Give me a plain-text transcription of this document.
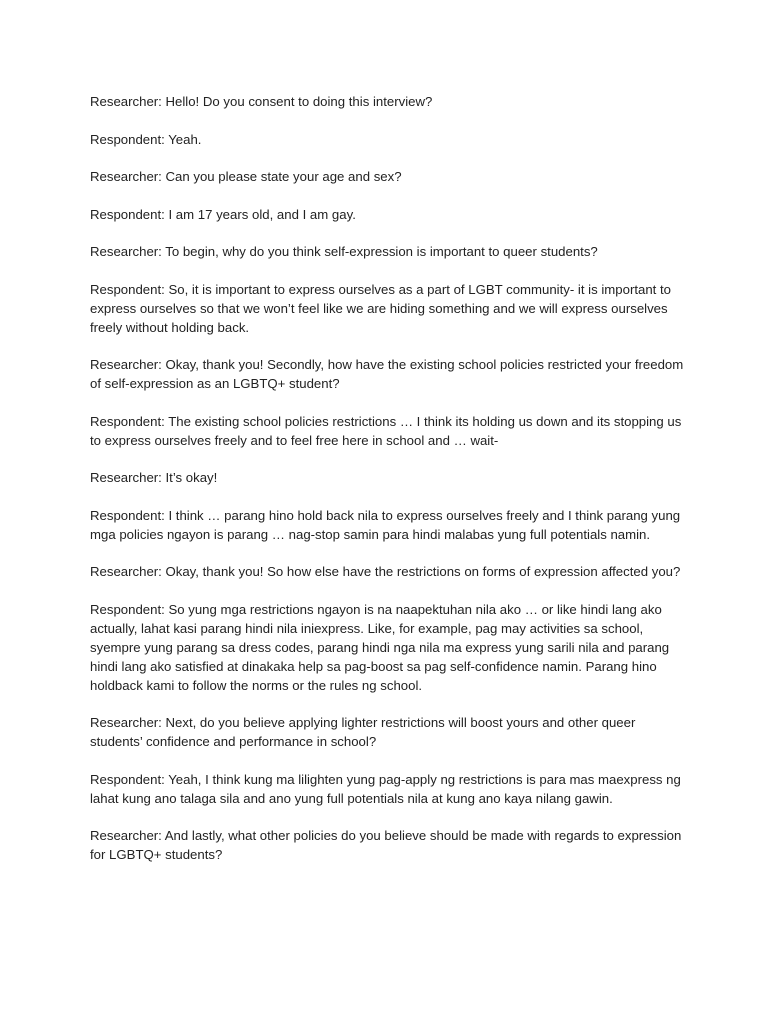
Researcher: Hello! Do you consent to doing this interview?

Respondent: Yeah.

Researcher: Can you please state your age and sex?

Respondent: I am 17 years old, and I am gay.

Researcher: To begin, why do you think self-expression is important to queer students?

Respondent: So, it is important to express ourselves as a part of LGBT community- it is important to express ourselves so that we won’t feel like we are hiding something and we will express ourselves freely without holding back.

Researcher: Okay, thank you! Secondly, how have the existing school policies restricted your freedom of self-expression as an LGBTQ+ student?

Respondent: The existing school policies restrictions … I think its holding us down and its stopping us to express ourselves freely and to feel free here in school and … wait-

Researcher: It’s okay!

Respondent: I think … parang hino hold back nila to express ourselves freely and I think parang yung mga policies ngayon is parang … nag-stop samin para hindi malabas yung full potentials namin.

Researcher: Okay, thank you! So how else have the restrictions on forms of expression affected you?

Respondent: So yung mga restrictions ngayon is na naapektuhan nila ako … or like hindi lang ako actually, lahat kasi parang hindi nila iniexpress. Like, for example, pag may activities sa school, syempre yung parang sa dress codes, parang hindi nga nila ma express yung sarili nila and parang hindi lang ako satisfied at dinakaka help sa pag-boost sa pag self-confidence namin. Parang hino holdback kami to follow the norms or the rules ng school.

Researcher: Next, do you believe applying lighter restrictions will boost yours and other queer students’ confidence and performance in school?

Respondent: Yeah, I think kung ma lilighten yung pag-apply ng restrictions is para mas maexpress ng lahat kung ano talaga sila and ano yung full potentials nila at kung ano kaya nilang gawin.

Researcher: And lastly, what other policies do you believe should be made with regards to expression for LGBTQ+ students?
